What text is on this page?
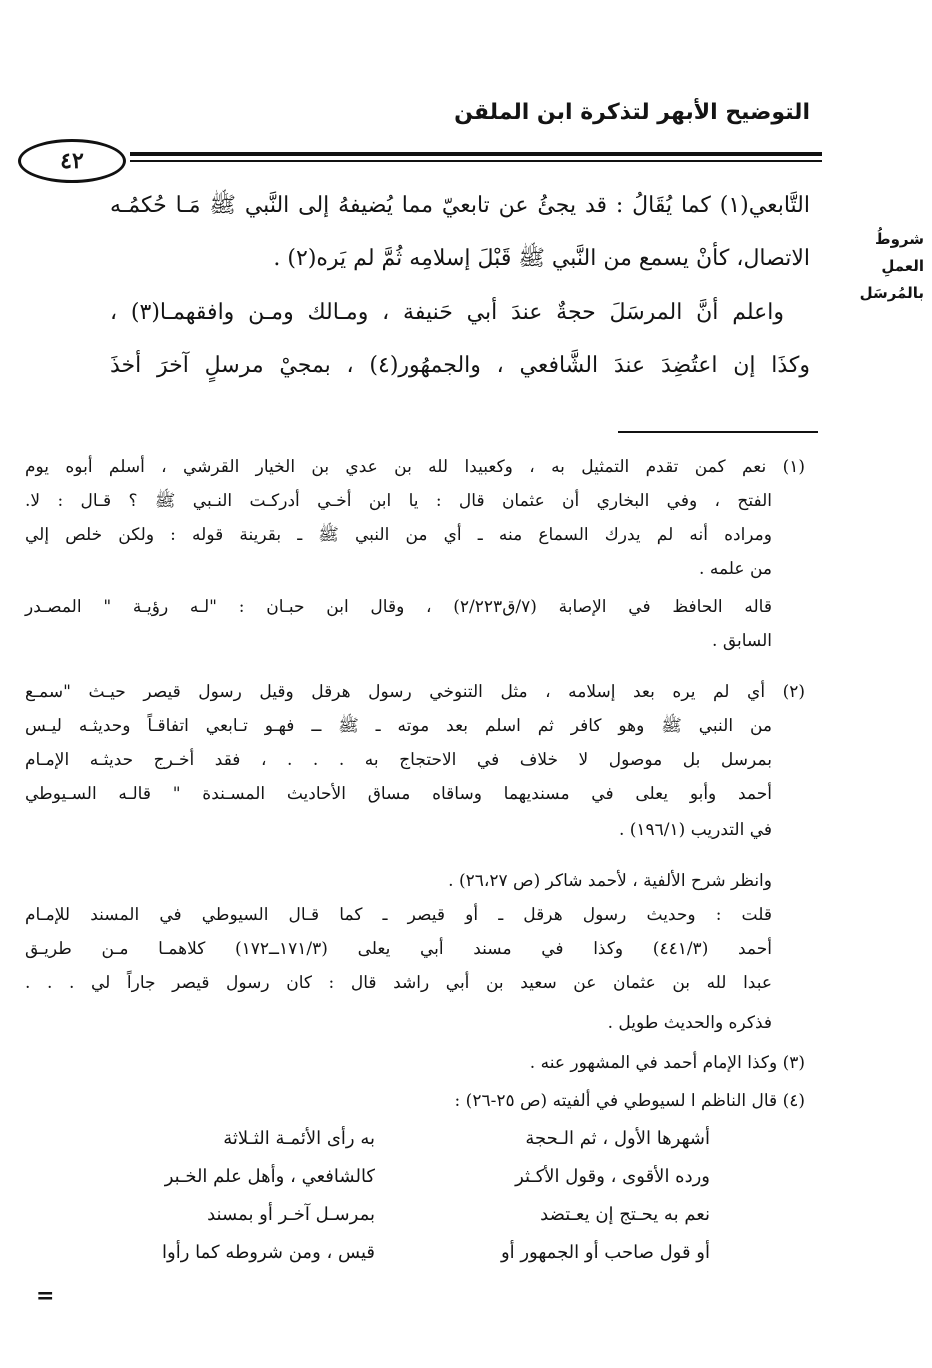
التوضيح الأبهر لتذكرة ابن الملقن
٤٢
شروطُ العملِ
بالمُرسَل
التَّابعي(١) كما يُقَالُ : قد يجئُ عن تابعيّ مما يُضيفهُ إلى النَّبي ﷺ مَـا حُكمُـه
الاتصال، كأنْ يسمع من النَّبي ﷺ قَبْلَ إسلامِه ثُمَّ لم يَره(٢) .
واعلم أنَّ المرسَلَ حجةٌ عندَ أبي حَنيفة ، ومـالك ومـن وافقهمـا(٣) ،
وكذَا إن اعتُضِدَ عندَ الشَّافعي ، والجمهُور(٤) ، بمجيْ مرسلٍ آخرَ أخذَ
(١) نعم كمن تقدم التمثيل به ، وكعبيدا لله بن عدي بن الخيار القرشي ، أسلم أبوه يوم
الفتح ، وفي البخاري أن عثمان قال : يا ابن أخـي أدركـت النـبي ﷺ ؟ قـال : لا.
ومراده أنه لم يدرك السماع منه ـ أي من النبي ﷺ ـ بقرينة قوله : ولكن خلص إلي
من علمه .
قاله الحافظ في الإصابة (٧/ق٢/٢٢٣) ، وقال ابن حبـان : "لـه رؤيـة " المصـدر
السابق .
(٢) أي لم يره بعد إسلامه ، مثل التنوخي رسول هرقل وقيل رسول قيصر حيـث "سمـع
من النبي ﷺ وهو كافر ثم اسلم بعد موته ـ ﷺ ــ فهـو تـابعي اتفاقـاً وحديثـه ليـس
بمرسل بل موصول لا خلاف في الاحتجاج به . . . ، فقد أخـرج حديثـه الإمـام
أحمد وأبو يعلى في مسنديهما وساقاه مساق الأحاديث المسـندة " قالـه السـيوطي
في التدريب (١٩٦/١) .
وانظر شرح الألفية ، لأحمد شاكر (ص ٢٦،٢٧) .
قلت : وحديث رسول هرقل ـ أو قيصر ـ كما قـال السيوطي في المسند للإمـام
أحمد (٤٤١/٣) وكذا في مسند أبي يعلى (١٧١/٣ــ١٧٢) كلاهمـا مـن طريـق
عبدا لله بن عثمان عن سعيد بن أبي راشد قال : كان رسول قيصر جاراً لي . . .
فذكره والحديث طويل .
(٣) وكذا الإمام أحمد في المشهور عنه .
(٤) قال الناظم ا لسيوطي في ألفيته (ص ٢٥-٢٦) :
أشهرها الأول ، ثم الـحجة
به رأى الأئمـة الثـلاثة
ورده الأقوى ، وقول الأكـثر
كالشافعي ، وأهل علم الخـبر
نعم به يحـتج إن يعـتضد
بمرسـل آخـر أو بمسند
أو قول صاحب أو الجمهور أو
قيس ، ومن شروطه كما رأوا
=
